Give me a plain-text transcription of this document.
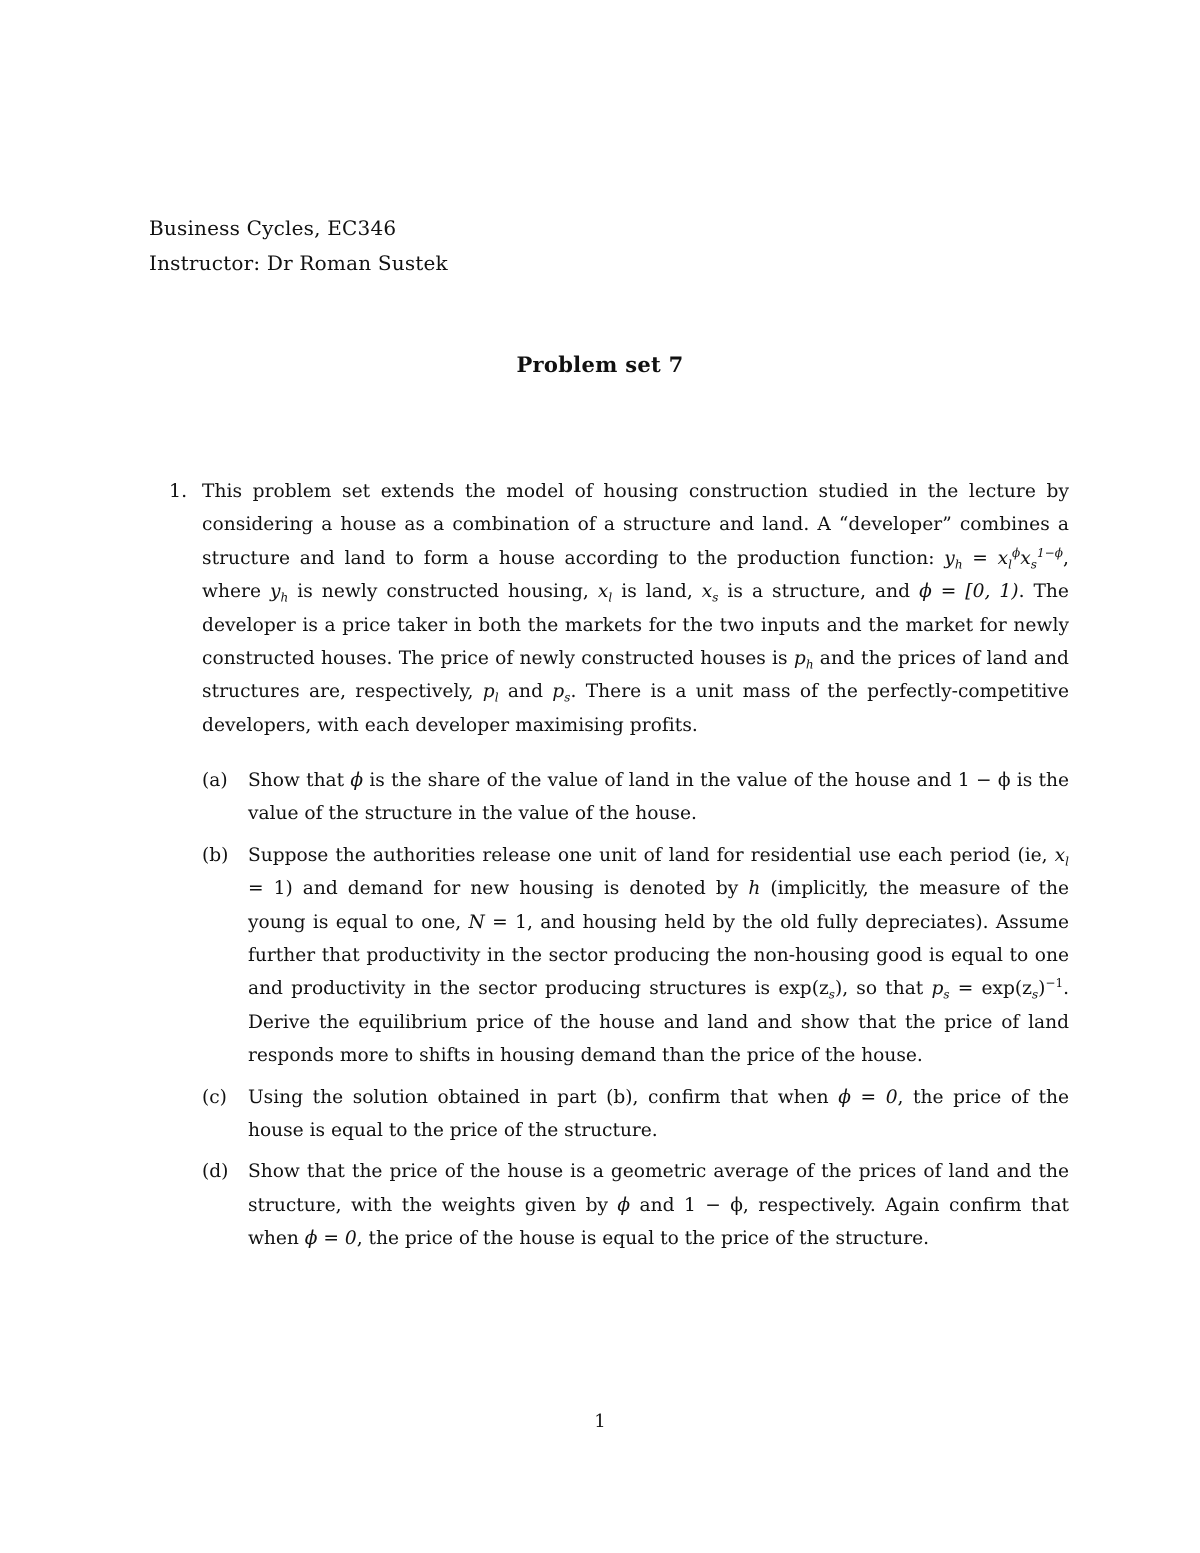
Business Cycles, EC346
Instructor: Dr Roman Sustek
Problem set 7
1. This problem set extends the model of housing construction studied in the lecture by considering a house as a combination of a structure and land. A “developer” combines a structure and land to form a house according to the production function: $y_h = x_l^\phi x_s^{1-\phi}$, where $y_h$ is newly constructed housing, $x_l$ is land, $x_s$ is a structure, and ϕ = [0, 1). The developer is a price taker in both the markets for the two inputs and the market for newly constructed houses. The price of newly constructed houses is $p_h$ and the prices of land and structures are, respectively, $p_l$ and $p_s$. There is a unit mass of the perfectly-competitive developers, with each developer maximising profits.
(a) Show that ϕ is the share of the value of land in the value of the house and 1 − ϕ is the value of the structure in the value of the house.
(b) Suppose the authorities release one unit of land for residential use each period (ie, $x_l = 1$) and demand for new housing is denoted by h (implicitly, the measure of the young is equal to one, N = 1, and housing held by the old fully depreciates). Assume further that productivity in the sector producing the non-housing good is equal to one and productivity in the sector producing structures is $\exp(z_s)$, so that $p_s = \exp(z_s)^{-1}$. Derive the equilibrium price of the house and land and show that the price of land responds more to shifts in housing demand than the price of the house.
(c) Using the solution obtained in part (b), confirm that when ϕ = 0, the price of the house is equal to the price of the structure.
(d) Show that the price of the house is a geometric average of the prices of land and the structure, with the weights given by ϕ and 1 − ϕ, respectively. Again confirm that when ϕ = 0, the price of the house is equal to the price of the structure.
1
